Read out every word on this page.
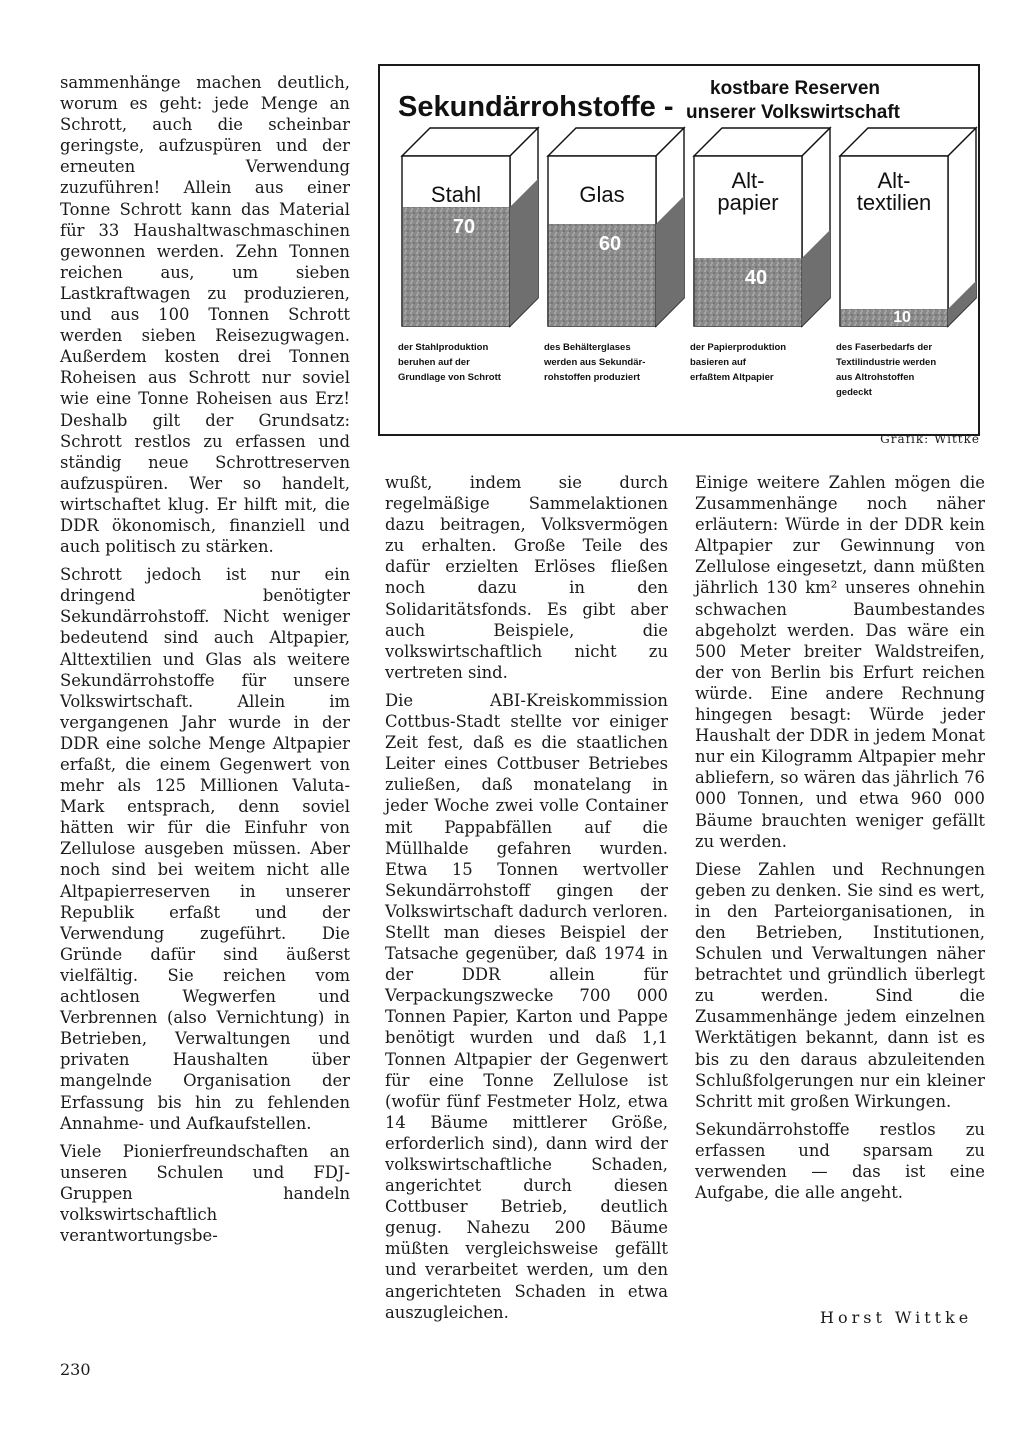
sammenhänge machen deutlich, worum es geht: jede Menge an Schrott, auch die scheinbar geringste, aufzuspüren und der erneuten Verwendung zuzuführen! Allein aus einer Tonne Schrott kann das Material für 33 Haushaltwaschmaschinen gewonnen werden. Zehn Tonnen reichen aus, um sieben Lastkraftwagen zu produzieren, und aus 100 Tonnen Schrott werden sieben Reisezugwagen. Außerdem kosten drei Tonnen Roheisen aus Schrott nur soviel wie eine Tonne Roheisen aus Erz! Deshalb gilt der Grundsatz: Schrott restlos zu erfassen und ständig neue Schrottreserven aufzuspüren. Wer so handelt, wirtschaftet klug. Er hilft mit, die DDR ökonomisch, finanziell und auch politisch zu stärken.

Schrott jedoch ist nur ein dringend benötigter Sekundärrohstoff. Nicht weniger bedeutend sind auch Altpapier, Alttextilien und Glas als weitere Sekundärrohstoffe für unsere Volkswirtschaft. Allein im vergangenen Jahr wurde in der DDR eine solche Menge Altpapier erfaßt, die einem Gegenwert von mehr als 125 Millionen Valuta-Mark entsprach, denn soviel hätten wir für die Einfuhr von Zellulose ausgeben müssen. Aber noch sind bei weitem nicht alle Altpapierreserven in unserer Republik erfaßt und der Verwendung zugeführt. Die Gründe dafür sind äußerst vielfältig. Sie reichen vom achtlosen Wegwerfen und Verbrennen (also Vernichtung) in Betrieben, Verwaltungen und privaten Haushalten über mangelnde Organisation der Erfassung bis hin zu fehlenden Annahme- und Aufkaufstellen.

Viele Pionierfreundschaften an unseren Schulen und FDJ-Gruppen handeln volkswirtschaftlich verantwortungsbe-

Sekundärrohstoffe -
kostbare Reserven
unserer Volkswirtschaft
Stahl
70
der Stahlproduktion
beruhen auf der
Grundlage von Schrott
Glas
60
des Behälterglases
werden aus Sekundär-
rohstoffen produziert
Alt-
papier
40
der Papierproduktion
basieren auf
erfaßtem Altpapier
Alt-
textilien
10
des Faserbedarfs der
Textilindustrie werden
aus Altrohstoffen
gedeckt
Grafik: Wittke

wußt, indem sie durch regelmäßige Sammelaktionen dazu beitragen, Volksvermögen zu erhalten. Große Teile des dafür erzielten Erlöses fließen noch dazu in den Solidaritätsfonds. Es gibt aber auch Beispiele, die volkswirtschaftlich nicht zu vertreten sind.

Die ABI-Kreiskommission Cottbus-Stadt stellte vor einiger Zeit fest, daß es die staatlichen Leiter eines Cottbuser Betriebes zuließen, daß monatelang in jeder Woche zwei volle Container mit Pappabfällen auf die Müllhalde gefahren wurden. Etwa 15 Tonnen wertvoller Sekundärrohstoff gingen der Volkswirtschaft dadurch verloren. Stellt man dieses Beispiel der Tatsache gegenüber, daß 1974 in der DDR allein für Verpackungszwecke 700 000 Tonnen Papier, Karton und Pappe benötigt wurden und daß 1,1 Tonnen Altpapier der Gegenwert für eine Tonne Zellulose ist (wofür fünf Festmeter Holz, etwa 14 Bäume mittlerer Größe, erforderlich sind), dann wird der volkswirtschaftliche Schaden, angerichtet durch diesen Cottbuser Betrieb, deutlich genug. Nahezu 200 Bäume müßten vergleichsweise gefällt und verarbeitet werden, um den angerichteten Schaden in etwa auszugleichen.

Einige weitere Zahlen mögen die Zusammenhänge noch näher erläutern: Würde in der DDR kein Altpapier zur Gewinnung von Zellulose eingesetzt, dann müßten jährlich 130 km² unseres ohnehin schwachen Baumbestandes abgeholzt werden. Das wäre ein 500 Meter breiter Waldstreifen, der von Berlin bis Erfurt reichen würde. Eine andere Rechnung hingegen besagt: Würde jeder Haushalt der DDR in jedem Monat nur ein Kilogramm Altpapier mehr abliefern, so wären das jährlich 76 000 Tonnen, und etwa 960 000 Bäume brauchten weniger gefällt zu werden.

Diese Zahlen und Rechnungen geben zu denken. Sie sind es wert, in den Parteiorganisationen, in den Betrieben, Institutionen, Schulen und Verwaltungen näher betrachtet und gründlich überlegt zu werden. Sind die Zusammenhänge jedem einzelnen Werktätigen bekannt, dann ist es bis zu den daraus abzuleitenden Schlußfolgerungen nur ein kleiner Schritt mit großen Wirkungen.

Sekundärrohstoffe restlos zu erfassen und sparsam zu verwenden — das ist eine Aufgabe, die alle angeht.

Horst Wittke
230
